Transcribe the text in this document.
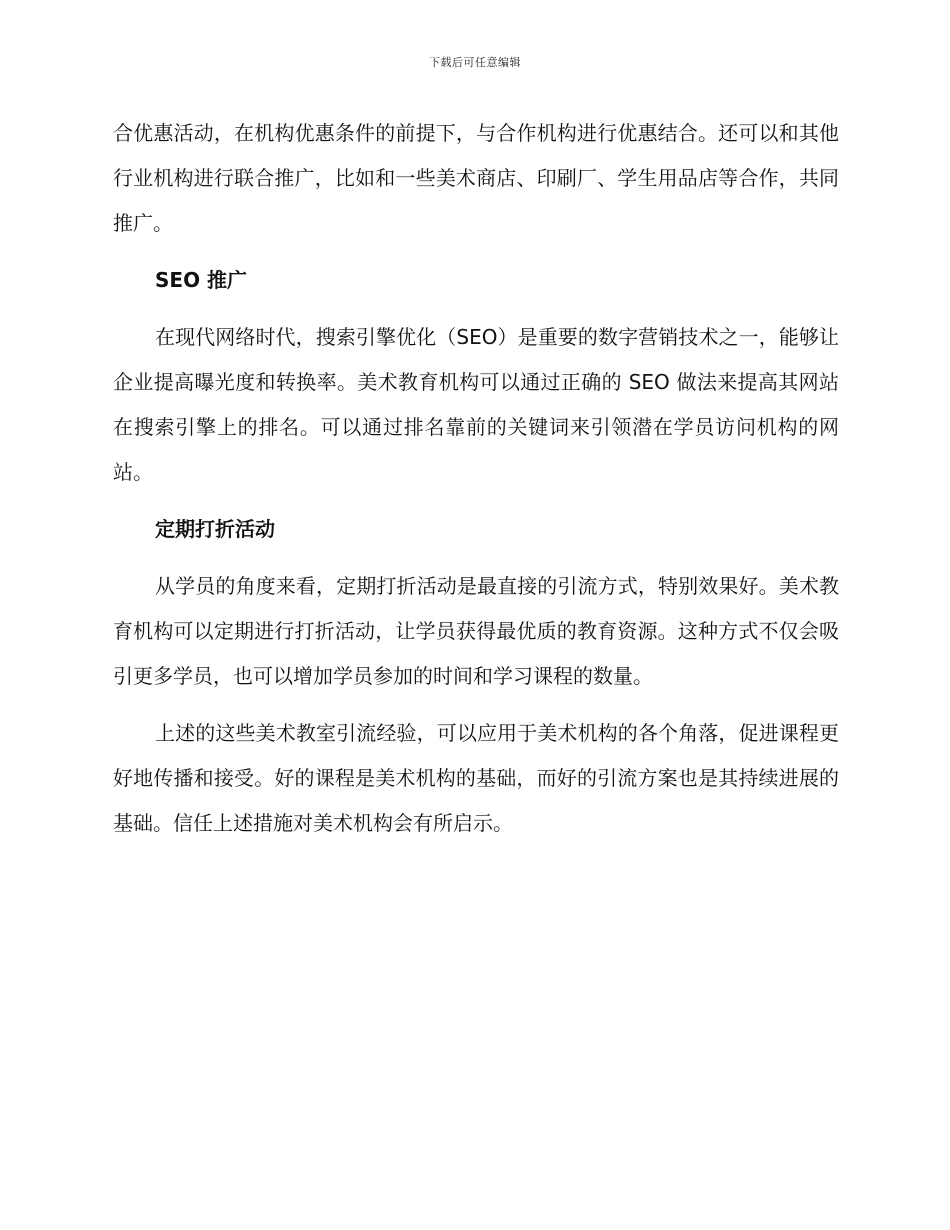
下载后可任意编辑

合优惠活动，在机构优惠条件的前提下，与合作机构进行优惠结合。还可以和其他行业机构进行联合推广，比如和一些美术商店、印刷厂、学生用品店等合作，共同推广。

SEO 推广

在现代网络时代，搜索引擎优化（SEO）是重要的数字营销技术之一，能够让企业提高曝光度和转换率。美术教育机构可以通过正确的 SEO 做法来提高其网站在搜索引擎上的排名。可以通过排名靠前的关键词来引领潜在学员访问机构的网站。

定期打折活动

从学员的角度来看，定期打折活动是最直接的引流方式，特别效果好。美术教育机构可以定期进行打折活动，让学员获得最优质的教育资源。这种方式不仅会吸引更多学员，也可以增加学员参加的时间和学习课程的数量。

上述的这些美术教室引流经验，可以应用于美术机构的各个角落，促进课程更好地传播和接受。好的课程是美术机构的基础，而好的引流方案也是其持续进展的基础。信任上述措施对美术机构会有所启示。
